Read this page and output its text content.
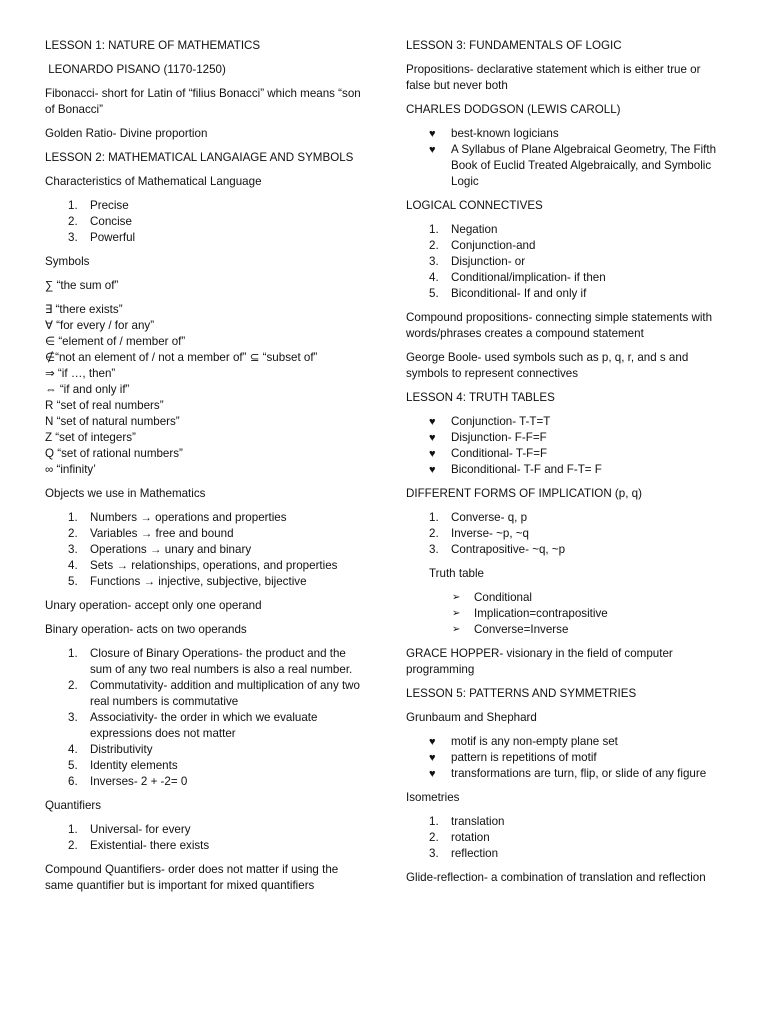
LESSON 1: NATURE OF MATHEMATICS

LEONARDO PISANO (1170-1250)

Fibonacci- short for Latin of “filius Bonacci” which means “son of Bonacci”

Golden Ratio- Divine proportion

LESSON 2: MATHEMATICAL LANGAIAGE AND SYMBOLS

Characteristics of Mathematical Language

1.	Precise
2.	Concise
3.	Powerful

Symbols

∑ “the sum of”

∃ “there exists”
∀ “for every / for any”
∈ “element of / member of”
∉“not an element of / not a member of” ⊆ “subset of”
⇒ “if …, then”
⇔ “if and only if”
R “set of real numbers”
N “set of natural numbers”
Z “set of integers”
Q “set of rational numbers”
∞ “infinity’

Objects we use in Mathematics

1.	Numbers → operations and properties
2.	Variables → free and bound
3.	Operations → unary and binary
4.	Sets → relationships, operations, and properties
5.	Functions → injective, subjective, bijective

Unary operation- accept only one operand

Binary operation- acts on two operands

1.	Closure of Binary Operations- the product and the sum of any two real numbers is also a real number.
2.	Commutativity- addition and multiplication of any two real numbers is commutative
3.	Associativity- the order in which we evaluate expressions does not matter
4.	Distributivity
5.	Identity elements
6.	Inverses- 2 + -2= 0

Quantifiers

1.	Universal- for every
2.	Existential- there exists

Compound Quantifiers- order does not matter if using the same quantifier but is important for mixed quantifiers

LESSON 3: FUNDAMENTALS OF LOGIC

Propositions- declarative statement which is either true or false but never both

CHARLES DODGSON (LEWIS CAROLL)

♥ best-known logicians
♥ A Syllabus of Plane Algebraical Geometry, The Fifth Book of Euclid Treated Algebraically, and Symbolic Logic

LOGICAL CONNECTIVES

1.	Negation
2.	Conjunction-and
3.	Disjunction- or
4.	Conditional/implication- if then
5.	Biconditional- If and only if

Compound propositions- connecting simple statements with words/phrases creates a compound statement

George Boole- used symbols such as p, q, r, and s and symbols to represent connectives

LESSON 4: TRUTH TABLES

♥ Conjunction- T-T=T
♥ Disjunction- F-F=F
♥ Conditional- T-F=F
♥ Biconditional- T-F and F-T= F

DIFFERENT FORMS OF IMPLICATION (p, q)

1.	Converse- q, p
2.	Inverse- ~p, ~q
3.	Contrapositive- ~q, ~p

Truth table

➢ Conditional
➢ Implication=contrapositive
➢ Converse=Inverse

GRACE HOPPER- visionary in the field of computer programming

LESSON 5: PATTERNS AND SYMMETRIES

Grunbaum and Shephard

♥ motif is any non-empty plane set
♥ pattern is repetitions of motif
♥ transformations are turn, flip, or slide of any figure

Isometries

1.	translation
2.	rotation
3.	reflection

Glide-reflection- a combination of translation and reflection
